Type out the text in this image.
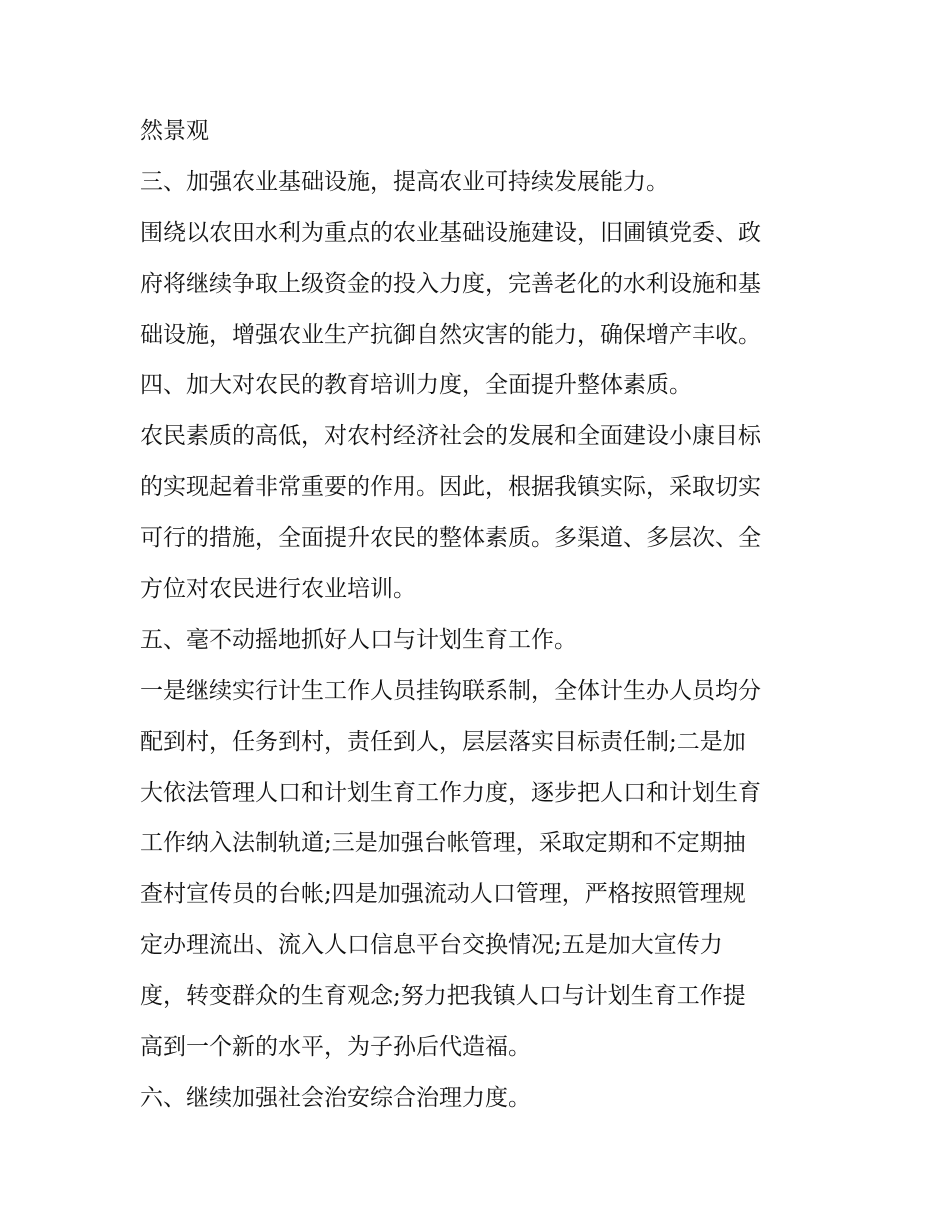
然景观
三、加强农业基础设施，提高农业可持续发展能力。
围绕以农田水利为重点的农业基础设施建设，旧圃镇党委、政
府将继续争取上级资金的投入力度，完善老化的水利设施和基
础设施，增强农业生产抗御自然灾害的能力，确保增产丰收。
四、加大对农民的教育培训力度，全面提升整体素质。
农民素质的高低，对农村经济社会的发展和全面建设小康目标
的实现起着非常重要的作用。因此，根据我镇实际，采取切实
可行的措施，全面提升农民的整体素质。多渠道、多层次、全
方位对农民进行农业培训。
五、毫不动摇地抓好人口与计划生育工作。
一是继续实行计生工作人员挂钩联系制，全体计生办人员均分
配到村，任务到村，责任到人，层层落实目标责任制;二是加
大依法管理人口和计划生育工作力度，逐步把人口和计划生育
工作纳入法制轨道;三是加强台帐管理，采取定期和不定期抽
查村宣传员的台帐;四是加强流动人口管理，严格按照管理规
定办理流出、流入人口信息平台交换情况;五是加大宣传力
度，转变群众的生育观念;努力把我镇人口与计划生育工作提
高到一个新的水平，为子孙后代造福。
六、继续加强社会治安综合治理力度。
